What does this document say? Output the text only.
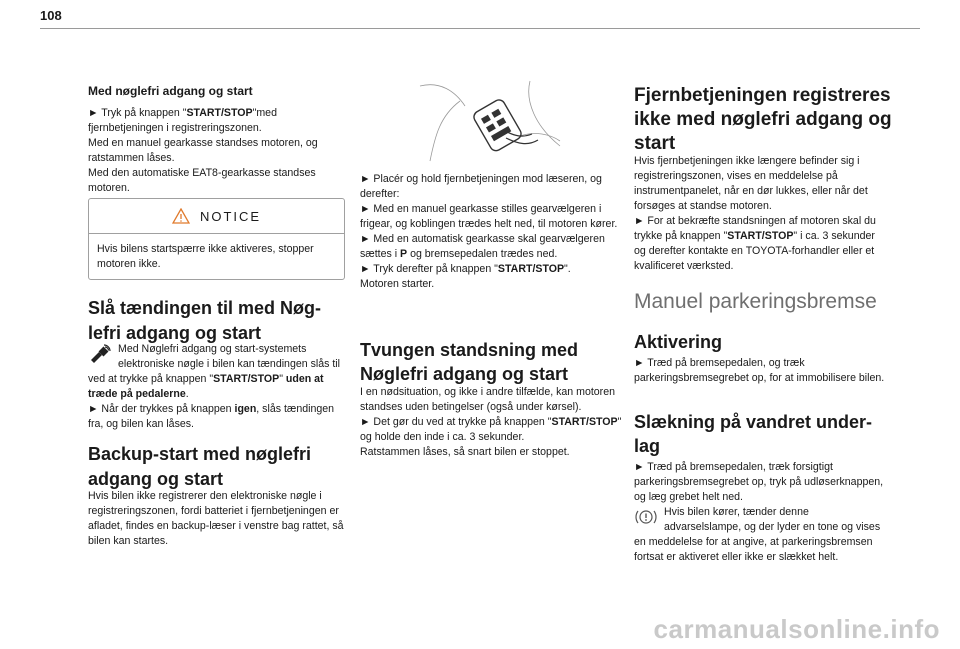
108
Med nøglefri adgang og start

► Tryk på knappen "START/STOP"med fjernbetjeningen i registreringszonen.

Med en manuel gearkasse standses motoren, og ratstammen låses.

Med den automatiske EAT8-gearkasse standses motoren.

NOTICE

Hvis bilens startspærre ikke aktiveres, stopper motoren ikke.

Slå tændingen til med Nøg-lefri adgang og start

Med Nøglefri adgang og start-systemets elektroniske nøgle i bilen kan tændingen slås til ved at trykke på knappen "START/STOP" uden at træde på pedalerne.

► Når der trykkes på knappen igen, slås tændingen fra, og bilen kan låses.

Backup-start med nøglefri adgang og start

Hvis bilen ikke registrerer den elektroniske nøgle i registreringszonen, fordi batteriet i fjernbetjeningen er afladet, findes en backup-læser i venstre bag rattet, så bilen kan startes.

► Placér og hold fjernbetjeningen mod læseren, og derefter:

► Med en manuel gearkasse stilles gearvælgeren i frigear, og koblingen trædes helt ned, til motoren kører.

► Med en automatisk gearkasse skal gearvælgeren sættes i P og bremsepedalen trædes ned.

► Tryk derefter på knappen "START/STOP".

Motoren starter.

Tvungen standsning med Nøglefri adgang og start

I en nødsituation, og ikke i andre tilfælde, kan motoren standses uden betingelser (også under kørsel).

► Det gør du ved at trykke på knappen "START/STOP" og holde den inde i ca. 3 sekunder.

Ratstammen låses, så snart bilen er stoppet.

Fjernbetjeningen registreres ikke med nøglefri adgang og start

Hvis fjernbetjeningen ikke længere befinder sig i registreringszonen, vises en meddelelse på instrumentpanelet, når en dør lukkes, eller når det forsøges at standse motoren.

► For at bekræfte standsningen af motoren skal du trykke på knappen "START/STOP" i ca. 3 sekunder og derefter kontakte en TOYOTA-forhandler eller et kvalificeret værksted.

Manuel parkeringsbremse
Aktivering

► Træd på bremsepedalen, og træk parkeringsbremsegrebet op, for at immobilisere bilen.

Slækning på vandret under-lag

► Træd på bremsepedalen, træk forsigtigt parkeringsbremsegrebet op, tryk på udløserknappen, og læg grebet helt ned.

Hvis bilen kører, tænder denne advarselslampe, og der lyder en tone og vises en meddelelse for at angive, at parkeringsbremsen fortsat er aktiveret eller ikke er slækket helt.

carmanualsonline.info
